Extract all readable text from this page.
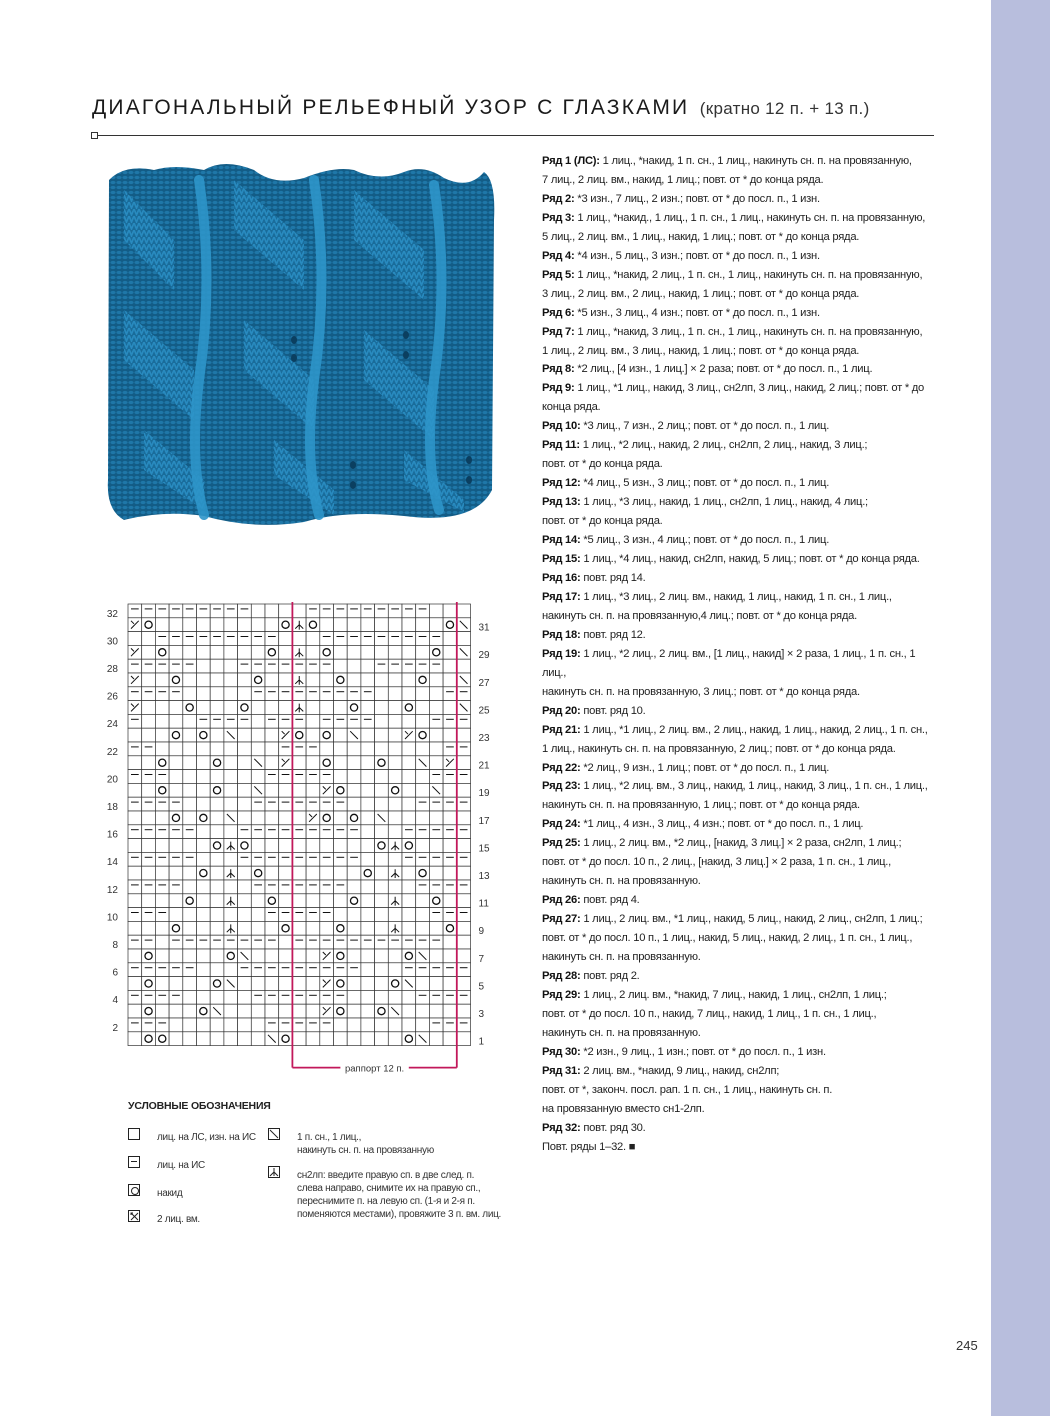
ДИАГОНАЛЬНЫЙ РЕЛЬЕФНЫЙ УЗОР С ГЛАЗКАМИ (кратно 12 п. + 13 п.)

Ряд 1 (ЛС): 1 лиц., *накид, 1 п. сн., 1 лиц., накинуть сн. п. на провязанную,

7 лиц., 2 лиц. вм., накид, 1 лиц.; повт. от * до конца ряда.

Ряд 2: *3 изн., 7 лиц., 2 изн.; повт. от * до посл. п., 1 изн.

Ряд 3: 1 лиц., *накид., 1 лиц., 1 п. сн., 1 лиц., накинуть сн. п. на провязанную,

5 лиц., 2 лиц. вм., 1 лиц., накид, 1 лиц.; повт. от * до конца ряда.

Ряд 4: *4 изн., 5 лиц., 3 изн.; повт. от * до посл. п., 1 изн.

Ряд 5: 1 лиц., *накид, 2 лиц., 1 п. сн., 1 лиц., накинуть сн. п. на провязанную,

3 лиц., 2 лиц. вм., 2 лиц., накид, 1 лиц.; повт. от * до конца ряда.

Ряд 6: *5 изн., 3 лиц., 4 изн.; повт. от * до посл. п., 1 изн.

Ряд 7: 1 лиц., *накид, 3 лиц., 1 п. сн., 1 лиц., накинуть сн. п. на провязанную,

1 лиц., 2 лиц. вм., 3 лиц., накид, 1 лиц.; повт. от * до конца ряда.

Ряд 8: *2 лиц., [4 изн., 1 лиц.] × 2 раза; повт. от * до посл. п., 1 лиц.

Ряд 9: 1 лиц., *1 лиц., накид, 3 лиц., сн2лп, 3 лиц., накид, 2 лиц.; повт. от * до

конца ряда.

Ряд 10: *3 лиц., 7 изн., 2 лиц.; повт. от * до посл. п., 1 лиц.

Ряд 11: 1 лиц., *2 лиц., накид, 2 лиц., сн2лп, 2 лиц., накид, 3 лиц.;

повт. от * до конца ряда.

Ряд 12: *4 лиц., 5 изн., 3 лиц.; повт. от * до посл. п., 1 лиц.

Ряд 13: 1 лиц., *3 лиц., накид, 1 лиц., сн2лп, 1 лиц., накид, 4 лиц.;

повт. от * до конца ряда.

Ряд 14: *5 лиц., 3 изн., 4 лиц.; повт. от * до посл. п., 1 лиц.

Ряд 15: 1 лиц., *4 лиц., накид, сн2лп, накид, 5 лиц.; повт. от * до конца ряда.

Ряд 16: повт. ряд 14.

Ряд 17: 1 лиц., *3 лиц., 2 лиц. вм., накид, 1 лиц., накид, 1 п. сн., 1 лиц.,

накинуть сн. п. на провязанную,4 лиц.; повт. от * до конца ряда.

Ряд 18: повт. ряд 12.

Ряд 19: 1 лиц., *2 лиц., 2 лиц. вм., [1 лиц., накид] × 2 раза, 1 лиц., 1 п. сн., 1 лиц.,

накинуть сн. п. на провязанную, 3 лиц.; повт. от * до конца ряда.

Ряд 20: повт. ряд 10.

Ряд 21: 1 лиц., *1 лиц., 2 лиц. вм., 2 лиц., накид, 1 лиц., накид, 2 лиц., 1 п. сн.,

1 лиц., накинуть сн. п. на провязанную, 2 лиц.; повт. от * до конца ряда.

Ряд 22: *2 лиц., 9 изн., 1 лиц.; повт. от * до посл. п., 1 лиц.

Ряд 23: 1 лиц., *2 лиц. вм., 3 лиц., накид, 1 лиц., накид, 3 лиц., 1 п. сн., 1 лиц.,

накинуть сн. п. на провязанную, 1 лиц.; повт. от * до конца ряда.

Ряд 24: *1 лиц., 4 изн., 3 лиц., 4 изн.; повт. от * до посл. п., 1 лиц.

Ряд 25: 1 лиц., 2 лиц. вм., *2 лиц., [накид, 3 лиц.] × 2 раза, сн2лп, 1 лиц.;

повт. от * до посл. 10 п., 2 лиц., [накид, 3 лиц.] × 2 раза, 1 п. сн., 1 лиц.,

накинуть сн. п. на провязанную.

Ряд 26: повт. ряд 4.

Ряд 27: 1 лиц., 2 лиц. вм., *1 лиц., накид, 5 лиц., накид, 2 лиц., сн2лп, 1 лиц.;

повт. от * до посл. 10 п., 1 лиц., накид, 5 лиц., накид, 2 лиц., 1 п. сн., 1 лиц.,

накинуть сн. п. на провязанную.

Ряд 28: повт. ряд 2.

Ряд 29: 1 лиц., 2 лиц. вм., *накид, 7 лиц., накид, 1 лиц., сн2лп, 1 лиц.;

повт. от * до посл. 10 п., накид, 7 лиц., накид, 1 лиц., 1 п. сн., 1 лиц.,

накинуть сн. п. на провязанную.

Ряд 30: *2 изн., 9 лиц., 1 изн.; повт. от * до посл. п., 1 изн.

Ряд 31: 2 лиц. вм., *накид, 9 лиц., накид, сн2лп;

повт. от *, законч. посл. рап. 1 п. сн., 1 лиц., накинуть сн. п.

на провязанную вместо сн1-2лп.

Ряд 32: повт. ряд 30.

Повт. ряды 1–32. ■

2
4
6
8
10
12
14
16
18
20
22
24
26
28
30
32
1
3
5
7
9
11
13
15
17
19
21
23
25
27
29
31
раппорт 12 п.
УСЛОВНЫЕ ОБОЗНАЧЕНИЯ
лиц. на ЛС, изн. на ИС
лиц. на ИС
накид
2 лиц. вм.
1 п. сн., 1 лиц.,
накинуть сн. п. на провязанную
сн2лп: введите правую сп. в две след. п.
слева направо, снимите их на правую сп.,
переснимите п. на левую сп. (1-я и 2-я п.
поменяются местами), провяжите 3 п. вм. лиц.
245
